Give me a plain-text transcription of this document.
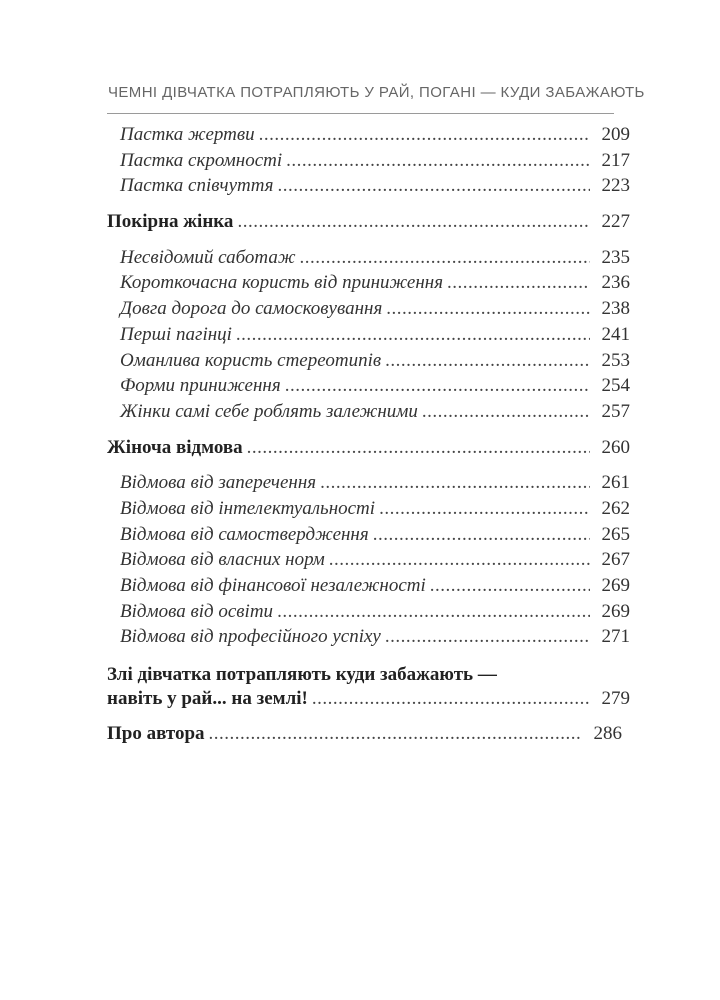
ЧЕМНІ ДІВЧАТКА ПОТРАПЛЯЮТЬ У РАЙ, ПОГАНІ — КУДИ ЗАБАЖАЮТЬ
Пастка жертви .....	209
Пастка скромності .....	217
Пастка співчуття .....	223
Покірна жінка .....	227
Несвідомий саботаж .....	235
Короткочасна користь від приниження .....	236
Довга дорога до самосковування .....	238
Перші пагінці .....	241
Оманлива користь стереотипів .....	253
Форми приниження .....	254
Жінки самі себе роблять залежними .....	257
Жіноча відмова .....	260
Відмова від заперечення .....	261
Відмова від інтелектуальності .....	262
Відмова від самоствердження .....	265
Відмова від власних норм .....	267
Відмова від фінансової незалежності .....	269
Відмова від освіти .....	269
Відмова від професійного успіху .....	271
Злі дівчатка потрапляють куди забажають —
навіть у рай... на землі! .....	279
Про автора .....	286
